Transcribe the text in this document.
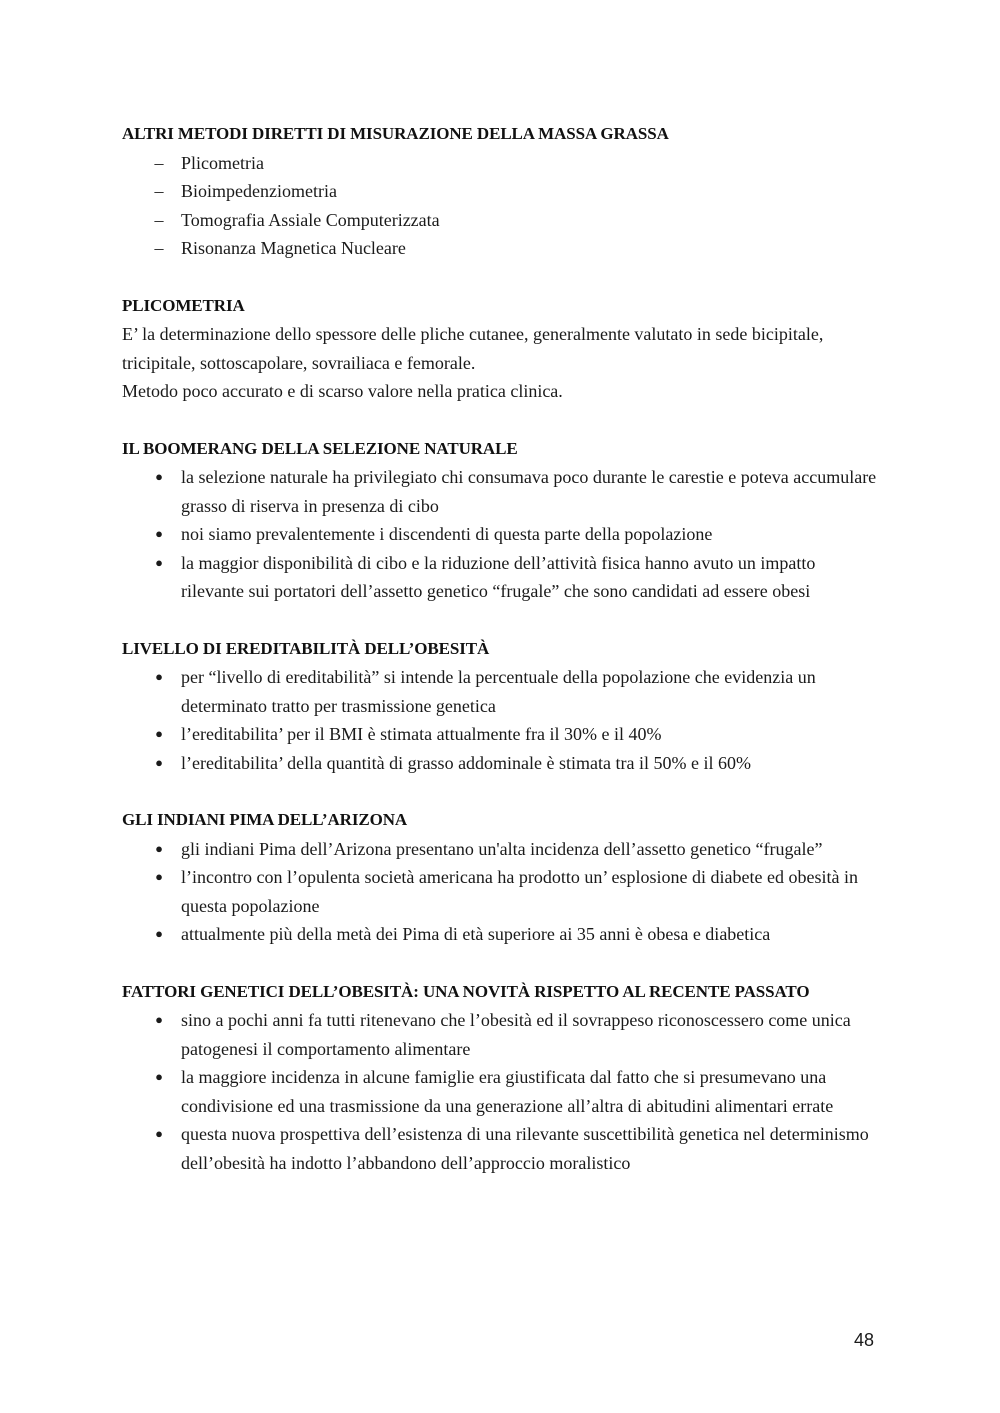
ALTRI METODI DIRETTI DI MISURAZIONE DELLA MASSA GRASSA
– Plicometria
– Bioimpedenziometria
– Tomografia Assiale Computerizzata
– Risonanza Magnetica Nucleare
PLICOMETRIA

E’ la determinazione dello spessore delle pliche cutanee, generalmente valutato in sede bicipitale, tricipitale, sottoscapolare, sovrailiaca e femorale.

Metodo poco accurato e di scarso valore nella pratica clinica.

IL BOOMERANG DELLA SELEZIONE NATURALE
● la selezione naturale ha privilegiato chi consumava poco durante le carestie e poteva accumulare grasso di riserva in presenza di cibo
● noi siamo prevalentemente i discendenti di questa parte della popolazione
● la maggior disponibilità di cibo e la riduzione dell’attività fisica hanno avuto un impatto rilevante sui portatori dell’assetto genetico “frugale” che sono candidati ad essere obesi
LIVELLO DI EREDITABILITÀ DELL’OBESITÀ
● per “livello di ereditabilità” si intende la percentuale della popolazione che evidenzia un determinato tratto per trasmissione genetica
● l’ereditabilita’ per il BMI è stimata attualmente fra il 30% e il 40%
● l’ereditabilita’ della quantità di grasso addominale è stimata tra il 50% e il 60%
GLI INDIANI PIMA DELL’ARIZONA
● gli indiani Pima dell’Arizona presentano un'alta incidenza dell’assetto genetico “frugale”
● l’incontro con l’opulenta società americana ha prodotto un’ esplosione di diabete ed obesità in questa popolazione
● attualmente più della metà dei Pima di età superiore ai 35 anni è obesa e diabetica
FATTORI GENETICI DELL’OBESITÀ: UNA NOVITÀ RISPETTO AL RECENTE PASSATO
● sino a pochi anni fa tutti ritenevano che l’obesità ed il sovrappeso riconoscessero come unica patogenesi il comportamento alimentare
● la maggiore incidenza in alcune famiglie era giustificata dal fatto che si presumevano una condivisione ed una trasmissione da una generazione all’altra di abitudini alimentari errate
● questa nuova prospettiva dell’esistenza di una rilevante suscettibilità genetica nel determinismo dell’obesità ha indotto l’abbandono dell’approccio moralistico
48
